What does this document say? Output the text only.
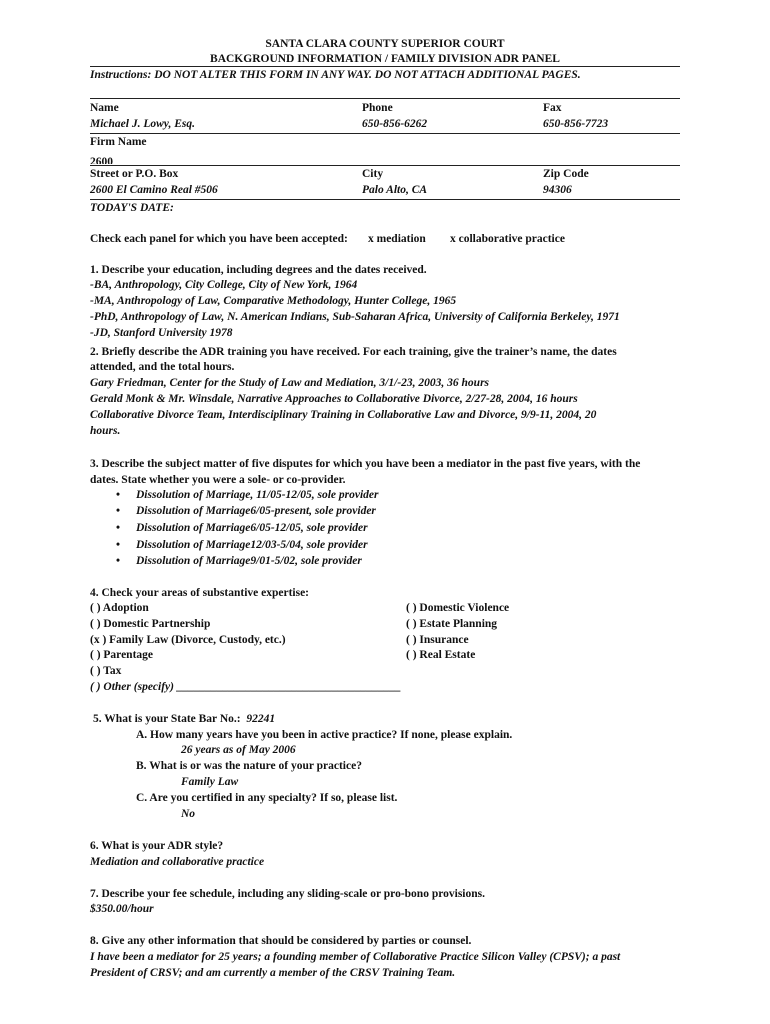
SANTA CLARA COUNTY SUPERIOR COURT
BACKGROUND INFORMATION / FAMILY DIVISION ADR PANEL
Instructions: DO NOT ALTER THIS FORM IN ANY WAY. DO NOT ATTACH ADDITIONAL PAGES.
Name
Michael J. Lowy, Esq.
Phone
650-856-6262
Fax
650-856-7723
Firm Name
2600
Street or P.O. Box
2600 El Camino Real #506
City
Palo Alto, CA
Zip Code
94306
TODAY'S DATE:
Check each panel for which you have been accepted: x mediation x collaborative practice
1. Describe your education, including degrees and the dates received.
-BA, Anthropology, City College, City of New York, 1964
-MA, Anthropology of Law, Comparative Methodology, Hunter College, 1965
-PhD, Anthropology of Law, N. American Indians, Sub-Saharan Africa, University of California Berkeley, 1971
-JD, Stanford University 1978
2. Briefly describe the ADR training you have received. For each training, give the trainer’s name, the dates
attended, and the total hours.
Gary Friedman, Center for the Study of Law and Mediation, 3/1/-23, 2003, 36 hours
Gerald Monk & Mr. Winsdale, Narrative Approaches to Collaborative Divorce, 2/27-28, 2004, 16 hours
Collaborative Divorce Team, Interdisciplinary Training in Collaborative Law and Divorce, 9/9-11, 2004, 20
hours.
3. Describe the subject matter of five disputes for which you have been a mediator in the past five years, with the
dates. State whether you were a sole- or co-provider.
• Dissolution of Marriage, 11/05-12/05, sole provider
• Dissolution of Marriage6/05-present, sole provider
• Dissolution of Marriage6/05-12/05, sole provider
• Dissolution of Marriage12/03-5/04, sole provider
• Dissolution of Marriage9/01-5/02, sole provider
4. Check your areas of substantive expertise:
( ) Adoption
( ) Domestic Partnership
(x ) Family Law (Divorce, Custody, etc.)
( ) Parentage
( ) Tax
( ) Other (specify) _______________________________________
( ) Domestic Violence
( ) Estate Planning
( ) Insurance
( ) Real Estate
5. What is your State Bar No.: 92241
A. How many years have you been in active practice? If none, please explain.
26 years as of May 2006
B. What is or was the nature of your practice?
Family Law
C. Are you certified in any specialty? If so, please list.
No
6. What is your ADR style?
Mediation and collaborative practice
7. Describe your fee schedule, including any sliding-scale or pro-bono provisions.
$350.00/hour
8. Give any other information that should be considered by parties or counsel.
I have been a mediator for 25 years; a founding member of Collaborative Practice Silicon Valley (CPSV); a past
President of CRSV; and am currently a member of the CRSV Training Team.
